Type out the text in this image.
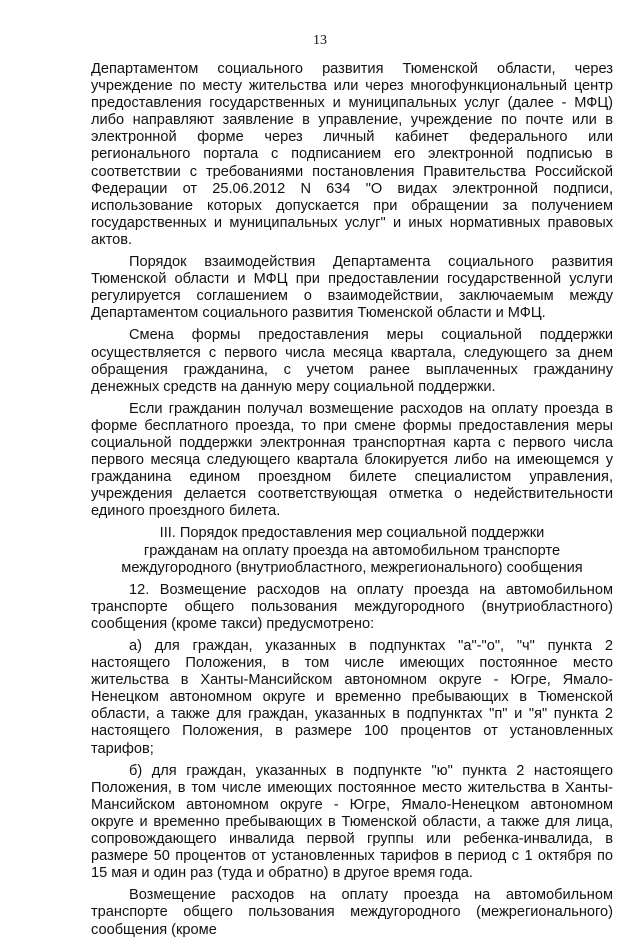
13

Департаментом социального развития Тюменской области, через учреждение по месту жительства или через многофункциональный центр предоставления государственных и муниципальных услуг (далее - МФЦ) либо направляют заявление в управление, учреждение по почте или в электронной форме через личный кабинет федерального или регионального портала с подписанием его электронной подписью в соответствии с требованиями постановления Правительства Российской Федерации от 25.06.2012 N 634 "О видах электронной подписи, использование которых допускается при обращении за получением государственных и муниципальных услуг" и иных нормативных правовых актов.

Порядок взаимодействия Департамента социального развития Тюменской области и МФЦ при предоставлении государственной услуги регулируется соглашением о взаимодействии, заключаемым между Департаментом социального развития Тюменской области и МФЦ.

Смена формы предоставления меры социальной поддержки осуществляется с первого числа месяца квартала, следующего за днем обращения гражданина, с учетом ранее выплаченных гражданину денежных средств на данную меру социальной поддержки.

Если гражданин получал возмещение расходов на оплату проезда в форме бесплатного проезда, то при смене формы предоставления меры социальной поддержки электронная транспортная карта с первого числа первого месяца следующего квартала блокируется либо на имеющемся у гражданина едином проездном билете специалистом управления, учреждения делается соответствующая отметка о недействительности единого проездного билета.

III. Порядок предоставления мер социальной поддержки
гражданам на оплату проезда на автомобильном транспорте
междугородного (внутриобластного, межрегионального) сообщения

12. Возмещение расходов на оплату проезда на автомобильном транспорте общего пользования междугородного (внутриобластного) сообщения (кроме такси) предусмотрено:

а) для граждан, указанных в подпунктах "а"-"о", "ч" пункта 2 настоящего Положения, в том числе имеющих постоянное место жительства в Ханты-Мансийском автономном округе - Югре, Ямало-Ненецком автономном округе и временно пребывающих в Тюменской области, а также для граждан, указанных в подпунктах "п" и "я" пункта 2 настоящего Положения, в размере 100 процентов от установленных тарифов;

б) для граждан, указанных в подпункте "ю" пункта 2 настоящего Положения, в том числе имеющих постоянное место жительства в Ханты-Мансийском автономном округе - Югре, Ямало-Ненецком автономном округе и временно пребывающих в Тюменской области, а также для лица, сопровождающего инвалида первой группы или ребенка-инвалида, в размере 50 процентов от установленных тарифов в период с 1 октября по 15 мая и один раз (туда и обратно) в другое время года.

Возмещение расходов на оплату проезда на автомобильном транспорте общего пользования междугородного (межрегионального) сообщения (кроме
